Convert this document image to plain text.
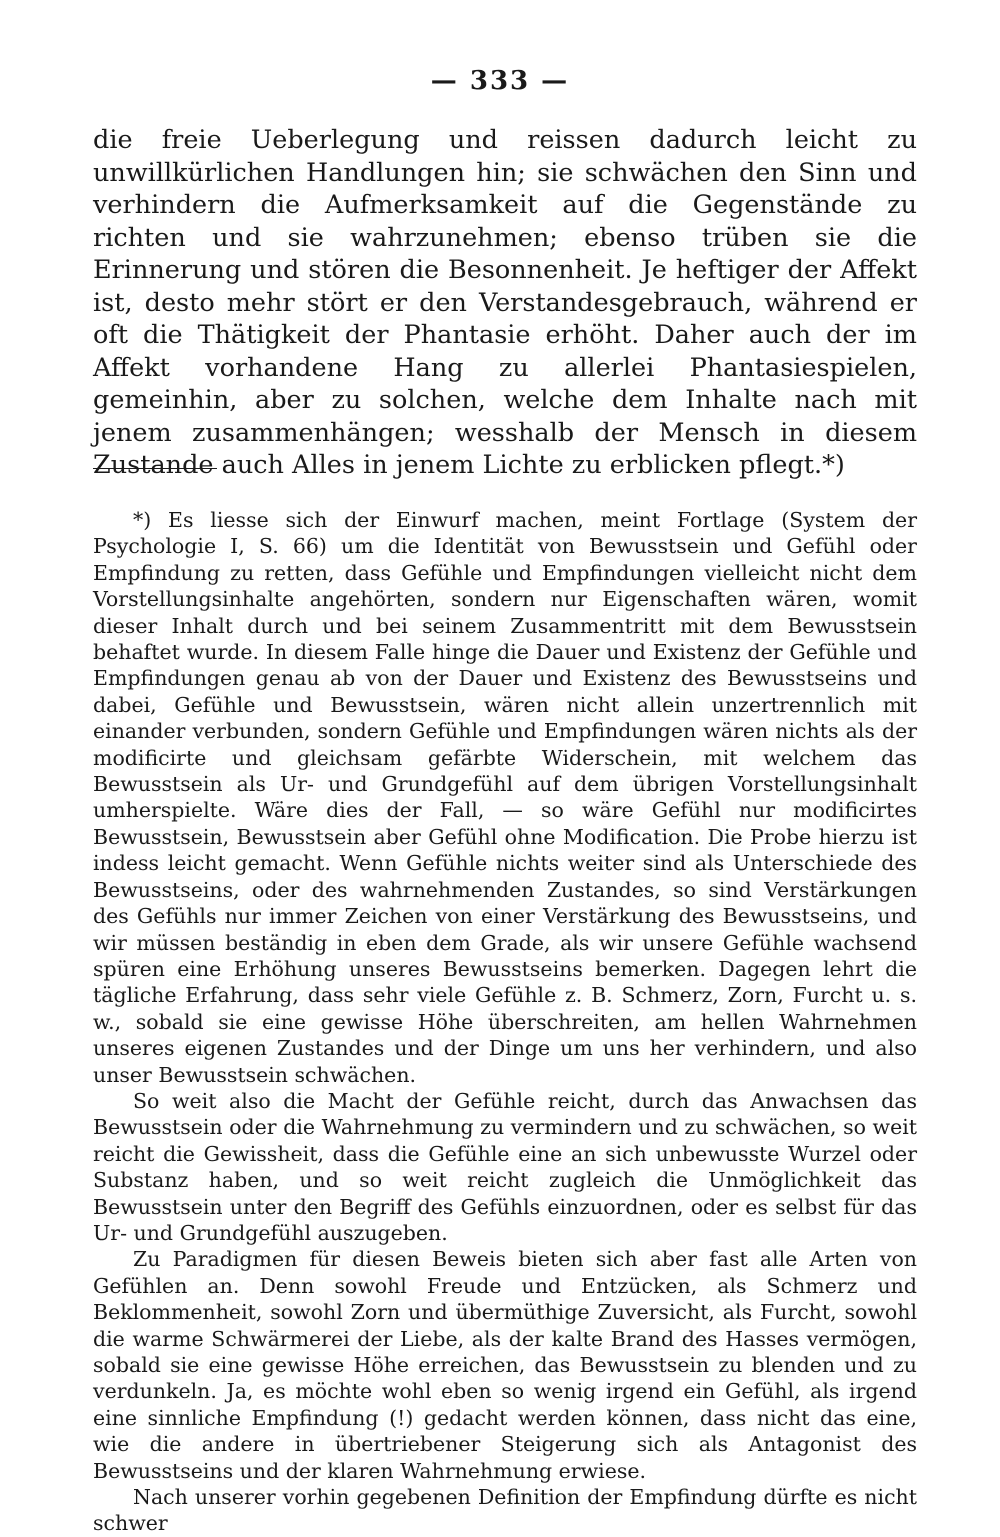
— 333 —

die freie Ueberlegung und reissen dadurch leicht zu unwillkürlichen Handlungen hin; sie schwächen den Sinn und verhindern die Aufmerksamkeit auf die Gegenstände zu richten und sie wahrzunehmen; ebenso trüben sie die Erinnerung und stören die Besonnenheit. Je heftiger der Affekt ist, desto mehr stört er den Verstandesgebrauch, während er oft die Thätigkeit der Phantasie erhöht. Daher auch der im Affekt vorhandene Hang zu allerlei Phantasiespielen, gemeinhin, aber zu solchen, welche dem Inhalte nach mit jenem zusammenhängen; wesshalb der Mensch in diesem Zustande auch Alles in jenem Lichte zu erblicken pflegt.*)

*) Es liesse sich der Einwurf machen, meint Fortlage (System der Psychologie I, S. 66) um die Identität von Bewusstsein und Gefühl oder Empfindung zu retten, dass Gefühle und Empfindungen vielleicht nicht dem Vorstellungsinhalte angehörten, sondern nur Eigenschaften wären, womit dieser Inhalt durch und bei seinem Zusammentritt mit dem Bewusstsein behaftet wurde. In diesem Falle hinge die Dauer und Existenz der Gefühle und Empfindungen genau ab von der Dauer und Existenz des Bewusstseins und dabei, Gefühle und Bewusstsein, wären nicht allein unzertrennlich mit einander verbunden, sondern Gefühle und Empfindungen wären nichts als der modificirte und gleichsam gefärbte Widerschein, mit welchem das Bewusstsein als Ur- und Grundgefühl auf dem übrigen Vorstellungsinhalt umherspielte. Wäre dies der Fall, — so wäre Gefühl nur modificirtes Bewusstsein, Bewusstsein aber Gefühl ohne Modification. Die Probe hierzu ist indess leicht gemacht. Wenn Gefühle nichts weiter sind als Unterschiede des Bewusstseins, oder des wahrnehmenden Zustandes, so sind Verstärkungen des Gefühls nur immer Zeichen von einer Verstärkung des Bewusstseins, und wir müssen beständig in eben dem Grade, als wir unsere Gefühle wachsend spüren eine Erhöhung unseres Bewusstseins bemerken. Dagegen lehrt die tägliche Erfahrung, dass sehr viele Gefühle z. B. Schmerz, Zorn, Furcht u. s. w., sobald sie eine gewisse Höhe überschreiten, am hellen Wahrnehmen unseres eigenen Zustandes und der Dinge um uns her verhindern, und also unser Bewusstsein schwächen.

So weit also die Macht der Gefühle reicht, durch das Anwachsen das Bewusstsein oder die Wahrnehmung zu vermindern und zu schwächen, so weit reicht die Gewissheit, dass die Gefühle eine an sich unbewusste Wurzel oder Substanz haben, und so weit reicht zugleich die Unmöglichkeit das Bewusstsein unter den Begriff des Gefühls einzuordnen, oder es selbst für das Ur- und Grundgefühl auszugeben.

Zu Paradigmen für diesen Beweis bieten sich aber fast alle Arten von Gefühlen an. Denn sowohl Freude und Entzücken, als Schmerz und Beklommenheit, sowohl Zorn und übermüthige Zuversicht, als Furcht, sowohl die warme Schwärmerei der Liebe, als der kalte Brand des Hasses vermögen, sobald sie eine gewisse Höhe erreichen, das Bewusstsein zu blenden und zu verdunkeln. Ja, es möchte wohl eben so wenig irgend ein Gefühl, als irgend eine sinnliche Empfindung (!) gedacht werden können, dass nicht das eine, wie die andere in übertriebener Steigerung sich als Antagonist des Bewusstseins und der klaren Wahrnehmung erwiese.

Nach unserer vorhin gegebenen Definition der Empfindung dürfte es nicht schwer
